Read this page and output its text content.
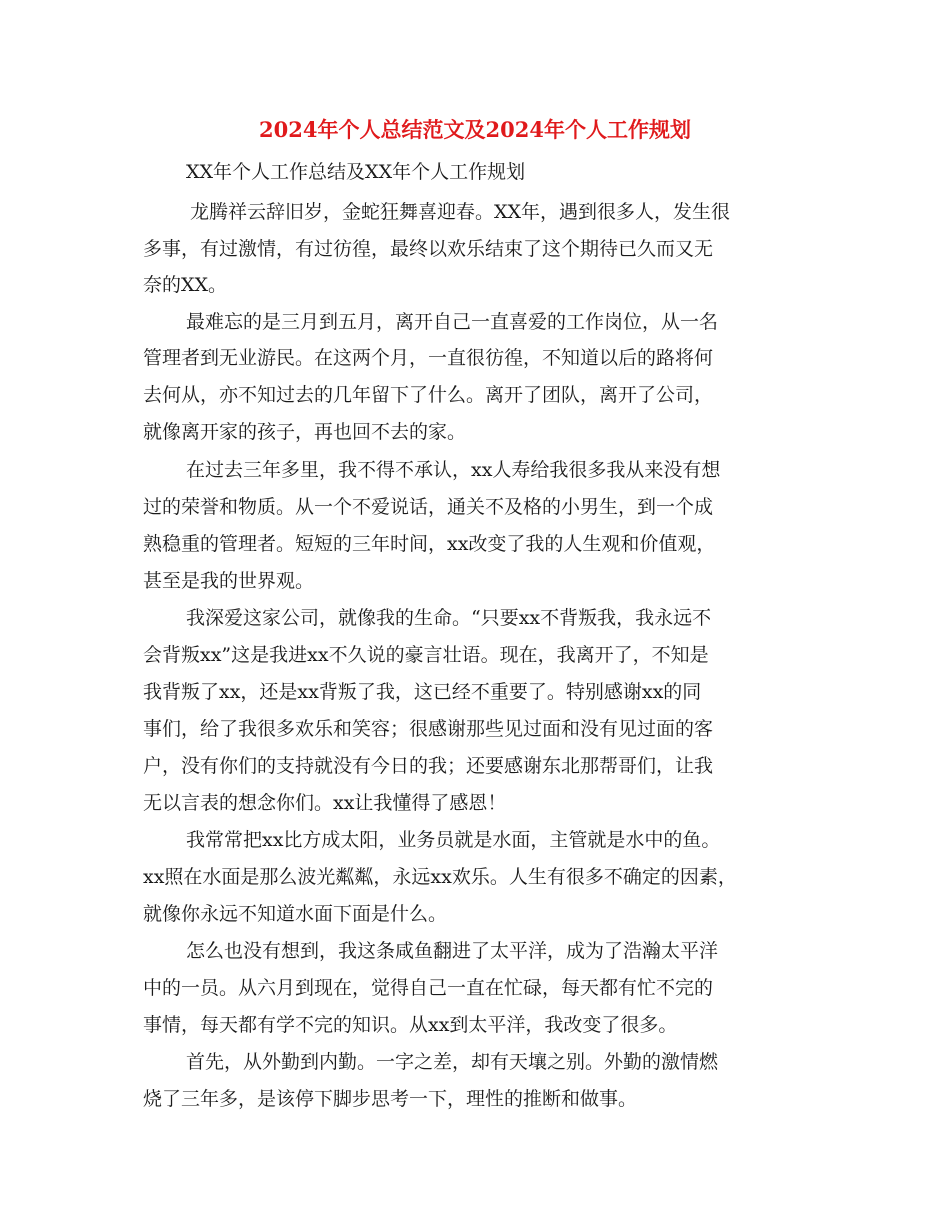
2024年个人总结范文及2024年个人工作规划
XX年个人工作总结及XX年个人工作规划
龙腾祥云辞旧岁，金蛇狂舞喜迎春。XX年，遇到很多人，发生很
多事，有过激情，有过彷徨，最终以欢乐结束了这个期待已久而又无
奈的XX。
最难忘的是三月到五月，离开自己一直喜爱的工作岗位，从一名
管理者到无业游民。在这两个月，一直很彷徨，不知道以后的路将何
去何从，亦不知过去的几年留下了什么。离开了团队，离开了公司，
就像离开家的孩子，再也回不去的家。
在过去三年多里，我不得不承认，xx人寿给我很多我从来没有想
过的荣誉和物质。从一个不爱说话，通关不及格的小男生，到一个成
熟稳重的管理者。短短的三年时间，xx改变了我的人生观和价值观，
甚至是我的世界观。
我深爱这家公司，就像我的生命。“只要xx不背叛我，我永远不
会背叛xx”这是我进xx不久说的豪言壮语。现在，我离开了，不知是
我背叛了xx，还是xx背叛了我，这已经不重要了。特别感谢xx的同
事们，给了我很多欢乐和笑容；很感谢那些见过面和没有见过面的客
户，没有你们的支持就没有今日的我；还要感谢东北那帮哥们，让我
无以言表的想念你们。xx让我懂得了感恩！
我常常把xx比方成太阳，业务员就是水面，主管就是水中的鱼。
xx照在水面是那么波光粼粼，永远xx欢乐。人生有很多不确定的因素，
就像你永远不知道水面下面是什么。
怎么也没有想到，我这条咸鱼翻进了太平洋，成为了浩瀚太平洋
中的一员。从六月到现在，觉得自己一直在忙碌，每天都有忙不完的
事情，每天都有学不完的知识。从xx到太平洋，我改变了很多。
首先，从外勤到内勤。一字之差，却有天壤之别。外勤的激情燃
烧了三年多，是该停下脚步思考一下，理性的推断和做事。
